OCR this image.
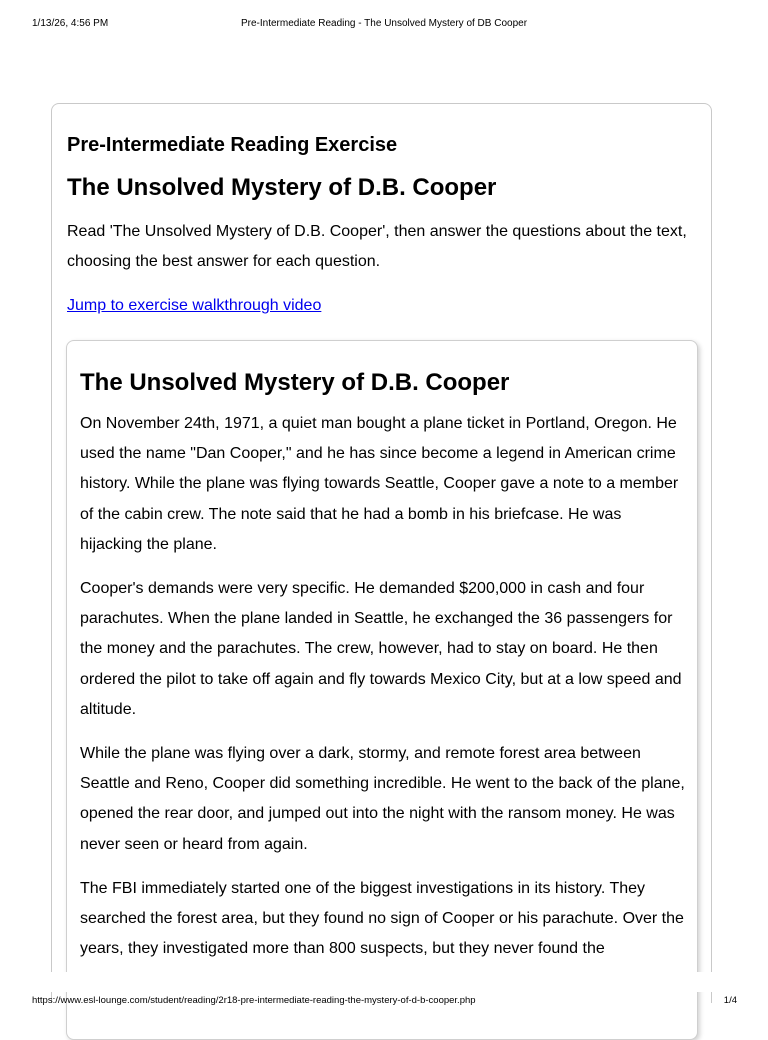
1/13/26, 4:56 PM	Pre-Intermediate Reading - The Unsolved Mystery of DB Cooper
Pre-Intermediate Reading Exercise
The Unsolved Mystery of D.B. Cooper

Read 'The Unsolved Mystery of D.B. Cooper', then answer the questions about the text, choosing the best answer for each question.

Jump to exercise walkthrough video
The Unsolved Mystery of D.B. Cooper

On November 24th, 1971, a quiet man bought a plane ticket in Portland, Oregon. He used the name "Dan Cooper," and he has since become a legend in American crime history. While the plane was flying towards Seattle, Cooper gave a note to a member of the cabin crew. The note said that he had a bomb in his briefcase. He was hijacking the plane.

Cooper's demands were very specific. He demanded $200,000 in cash and four parachutes. When the plane landed in Seattle, he exchanged the 36 passengers for the money and the parachutes. The crew, however, had to stay on board. He then ordered the pilot to take off again and fly towards Mexico City, but at a low speed and altitude.

While the plane was flying over a dark, stormy, and remote forest area between Seattle and Reno, Cooper did something incredible. He went to the back of the plane, opened the rear door, and jumped out into the night with the ransom money. He was never seen or heard from again.

The FBI immediately started one of the biggest investigations in its history. They searched the forest area, but they found no sign of Cooper or his parachute. Over the years, they investigated more than 800 suspects, but they never found the

https://www.esl-lounge.com/student/reading/2r18-pre-intermediate-reading-the-mystery-of-d-b-cooper.php	1/4
